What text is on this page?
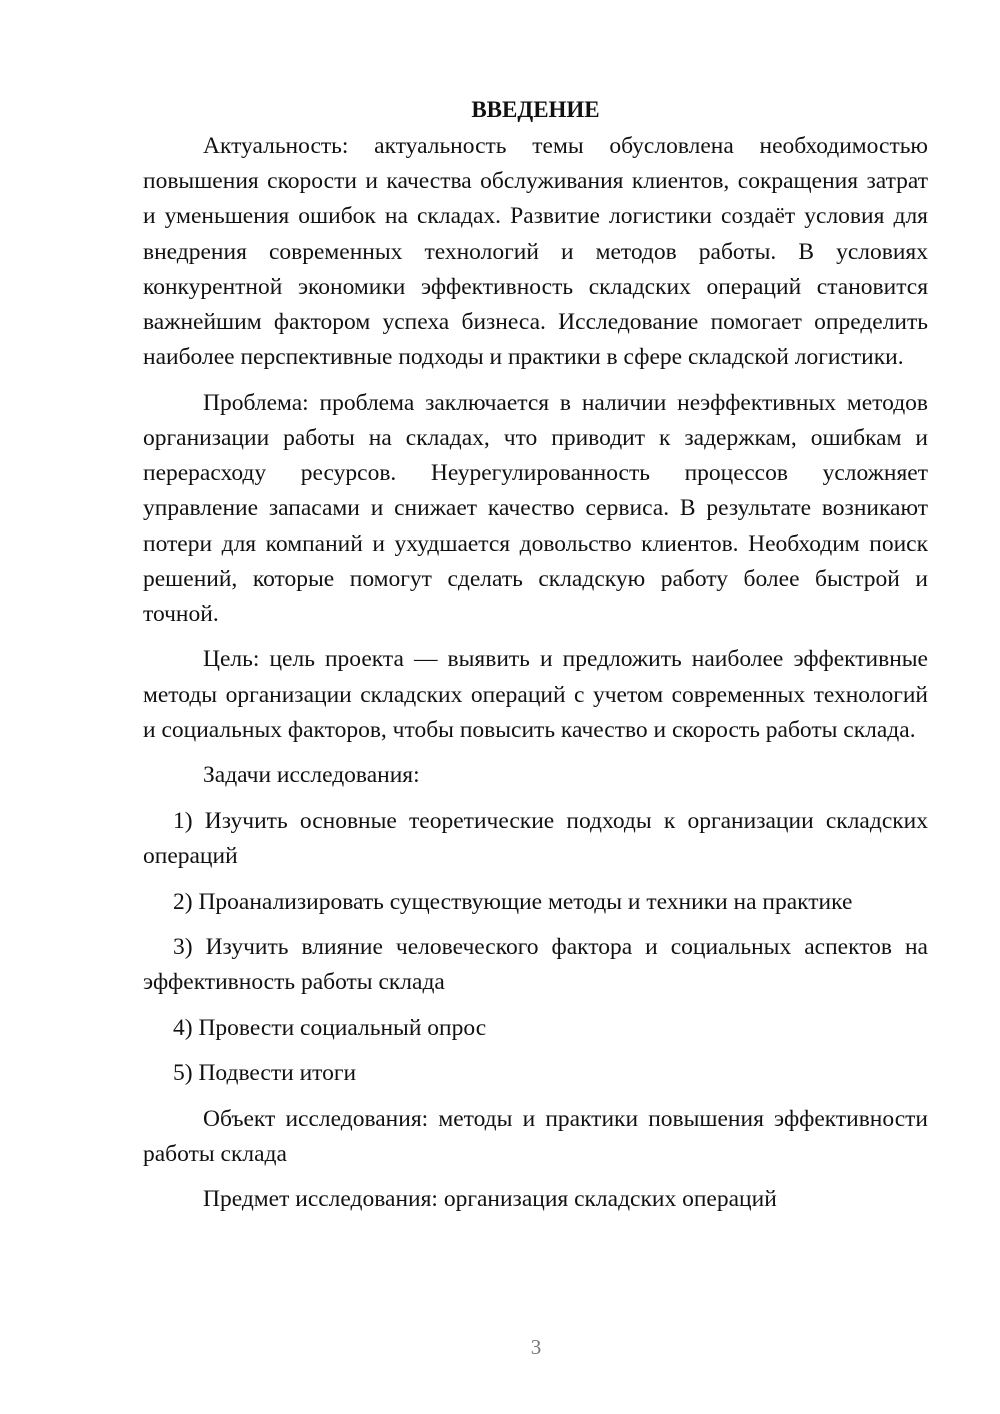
ВВЕДЕНИЕ

Актуальность: актуальность темы обусловлена необходимостью повышения скорости и качества обслуживания клиентов, сокращения затрат и уменьшения ошибок на складах. Развитие логистики создаёт условия для внедрения современных технологий и методов работы. В условиях конкурентной экономики эффективность складских операций становится важнейшим фактором успеха бизнеса. Исследование помогает определить наиболее перспективные подходы и практики в сфере складской логистики.

Проблема: проблема заключается в наличии неэффективных методов организации работы на складах, что приводит к задержкам, ошибкам и перерасходу ресурсов. Неурегулированность процессов усложняет управление запасами и снижает качество сервиса. В результате возникают потери для компаний и ухудшается довольство клиентов. Необходим поиск решений, которые помогут сделать складскую работу более быстрой и точной.

Цель: цель проекта — выявить и предложить наиболее эффективные методы организации складских операций с учетом современных технологий и социальных факторов, чтобы повысить качество и скорость работы склада.

Задачи исследования:

1) Изучить основные теоретические подходы к организации складских операций

2) Проанализировать существующие методы и техники на практике

3) Изучить влияние человеческого фактора и социальных аспектов на эффективность работы склада

4) Провести социальный опрос

5) Подвести итоги

Объект исследования: методы и практики повышения эффективности работы склада

Предмет исследования: организация складских операций

3
